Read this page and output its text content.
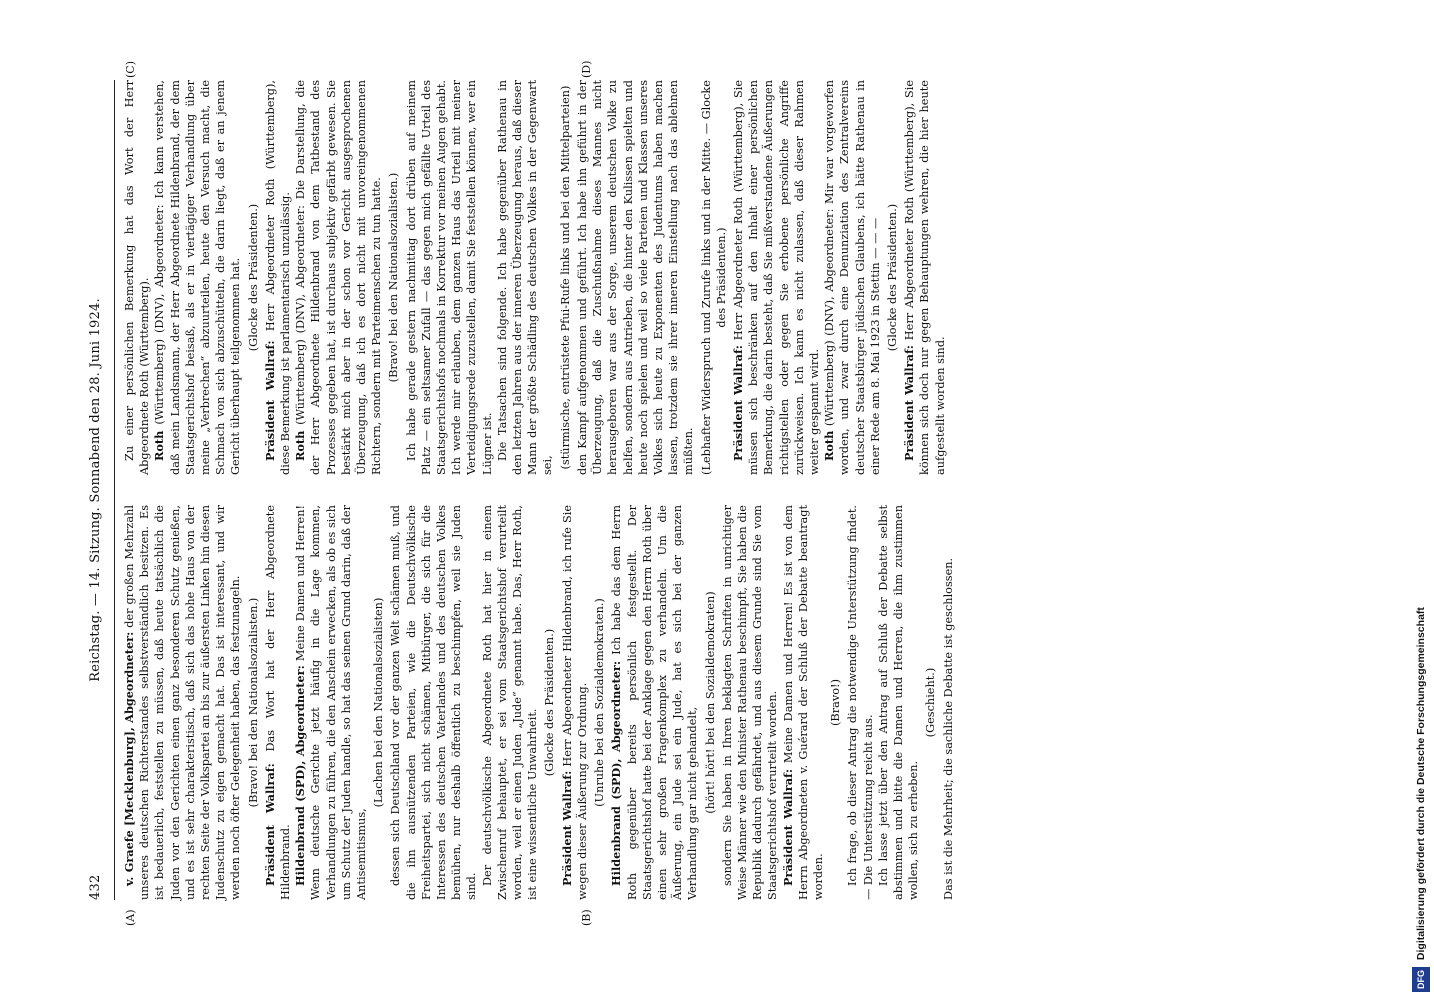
432
Reichstag. — 14. Sitzung. Sonnabend den 28. Juni 1924.
(A)	(B)
(C)	(D)

v. Graefe [Mecklenburg], Abgeordneter: der großen Mehrzahl unseres deutschen Richterstandes selbstverständlich besitzen. Es ist bedauerlich, feststellen zu müssen, daß heute tatsächlich die Juden vor den Gerichten einen ganz besonderen Schutz genießen, und es ist sehr charakteristisch, daß sich das hohe Haus von der rechten Seite der Volkspartei an bis zur äußersten Linken hin diesen Judenschutz zu eigen gemacht hat. Das ist interessant, und wir werden noch öfter Gelegenheit haben, das festzunageln. (Bravo! bei den Nationalsozialisten.)

Präsident Wallraf: Das Wort hat der Herr Abgeordnete Hildenbrand. Hildenbrand (SPD), Abgeordneter: Meine Damen und Herren! Wenn deutsche Gerichte jetzt häufig in die Lage kommen, Verhandlungen zu führen, die den Anschein erwecken, als ob es sich um Schutz der Juden handle, so hat das seinen Grund darin, daß der Antisemitismus,

(Lachen bei den Nationalsozialisten) dessen sich Deutschland vor der ganzen Welt schämen muß, und die ihn ausnützenden Parteien, wie die Deutschvölkische Freiheitspartei, sich nicht schämen, Mitbürger, die sich für die Interessen des deutschen Vaterlandes und des deutschen Volkes bemühen, nur deshalb öffentlich zu beschimpfen, weil sie Juden sind.

Der deutschvölkische Abgeordnete Roth hat hier in einem Zwischenruf behauptet, er sei vom Staatsgerichtshof verurteilt worden, weil er einen Juden „Jude“ genannt habe. Das, Herr Roth, ist eine wissentliche Unwahrheit.

(Glocke des Präsidenten.)

Präsident Wallraf: Herr Abgeordneter Hildenbrand, ich rufe Sie wegen dieser Äußerung zur Ordnung. (Unruhe bei den Sozialdemokraten.) Hildenbrand (SPD), Abgeordneter: Ich habe das dem Herrn Roth gegenüber bereits persönlich festgestellt. Der Staatsgerichtshof hatte bei der Anklage gegen den Herrn Roth über einen sehr großen Fragenkomplex zu verhandeln. Um die Äußerung, ein Jude sei ein Jude, hat es sich bei der ganzen Verhandlung gar nicht gehandelt, (hört! hört! bei den Sozialdemokraten) sondern Sie haben in Ihren beklagten Schriften in unrichtiger Weise Männer wie den Minister Rathenau beschimpft, Sie haben die Republik dadurch gefährdet, und aus diesem Grunde sind Sie vom Staatsgerichtshof verurteilt worden. Präsident Wallraf: Meine Damen und Herren! Es ist von dem Herrn Abgeordneten v. Guérard der Schluß der Debatte beantragt worden.

(Bravo!) Ich frage, ob dieser Antrag die notwendige Unterstützung findet. — Die Unterstützung reicht aus. Ich lasse jetzt über den Antrag auf Schluß der Debatte selbst abstimmen und bitte die Damen und Herren, die ihm zustimmen wollen, sich zu erheben.

(Geschieht.) Das ist die Mehrheit; die sachliche Debatte ist geschlossen.

Zu einer persönlichen Bemerkung hat das Wort der Herr Abgeordnete Roth (Württemberg). Roth (Württemberg) (DNV), Abgeordneter: Ich kann verstehen, daß mein Landsmann, der Herr Abgeordnete Hildenbrand, der dem Staatsgerichtshof beisaß, als er in viertägiger Verhandlung über meine „Verbrechen“ abzuurteilen, heute den Versuch macht, die Schmach von sich abzuschütteln, die darin liegt, daß er an jenem Gericht überhaupt teilgenommen hat. (Glocke des Präsidenten.)

Präsident Wallraf: Herr Abgeordneter Roth (Württemberg), diese Bemerkung ist parlamentarisch unzulässig. Roth (Württemberg) (DNV), Abgeordneter: Die Darstellung, die der Herr Abgeordnete Hildenbrand von dem Tatbestand des Prozesses gegeben hat, ist durchaus subjektiv gefärbt gewesen. Sie bestärkt mich aber in der schon vor Gericht ausgesprochenen Überzeugung, daß ich es dort nicht mit unvoreingenommenen Richtern, sondern mit Parteimenschen zu tun hatte. (Bravo! bei den Nationalsozialisten.) Ich habe gerade gestern nachmittag dort drüben auf meinem Platz — ein seltsamer Zufall — das gegen mich gefällte Urteil des Staatsgerichtshofs nochmals in Korrektur vor meinen Augen gehabt. Ich werde mir erlauben, dem ganzen Haus das Urteil mit meiner Verteidigungsrede zuzustellen, damit Sie feststellen können, wer ein Lügner ist. Die Tatsachen sind folgende. Ich habe gegenüber Rathenau in den letzten Jahren aus der inneren Überzeugung heraus, daß dieser Mann der größte Schädling des deutschen Volkes in der Gegenwart sei, (stürmische, entrüstete Pfui-Rufe links und bei den Mittelparteien) den Kampf aufgenommen und geführt. Ich habe ihn geführt in der Überzeugung, daß die Zuschußnahme dieses Mannes nicht herausgeboren war aus der Sorge, unserem deutschen Volke zu helfen, sondern aus Antrieben, die hinter den Kulissen spielten und heute noch spielen und weil so viele Parteien und Klassen unseres Volkes sich heute zu Exponenten des Judentums haben machen lassen, trotzdem sie ihrer inneren Einstellung nach das ablehnen müßten. (Lebhafter Widerspruch und Zurufe links und in der Mitte. — Glocke des Präsidenten.)

Präsident Wallraf: Herr Abgeordneter Roth (Württemberg), Sie müssen sich beschränken auf den Inhalt einer persönlichen Bemerkung, die darin besteht, daß Sie mißverstandene Äußerungen richtigstellen oder gegen Sie erhobene persönliche Angriffe zurückweisen. Ich kann es nicht zulassen, daß dieser Rahmen weiter gespannt wird. Roth (Württemberg) (DNV), Abgeordneter: Mir war vorgeworfen worden, und zwar durch eine Denunziation des Zentralvereins deutscher Staatsbürger jüdischen Glaubens, ich hätte Rathenau in einer Rede am 8. Mai 1923 in Stettin — — — (Glocke des Präsidenten.)

Präsident Wallraf: Herr Abgeordneter Roth (Württemberg), Sie können sich doch nur gegen Behauptungen wehren, die hier heute aufgestellt worden sind.

DFG Digitalisierung gefördert durch die Deutsche Forschungsgemeinschaft
